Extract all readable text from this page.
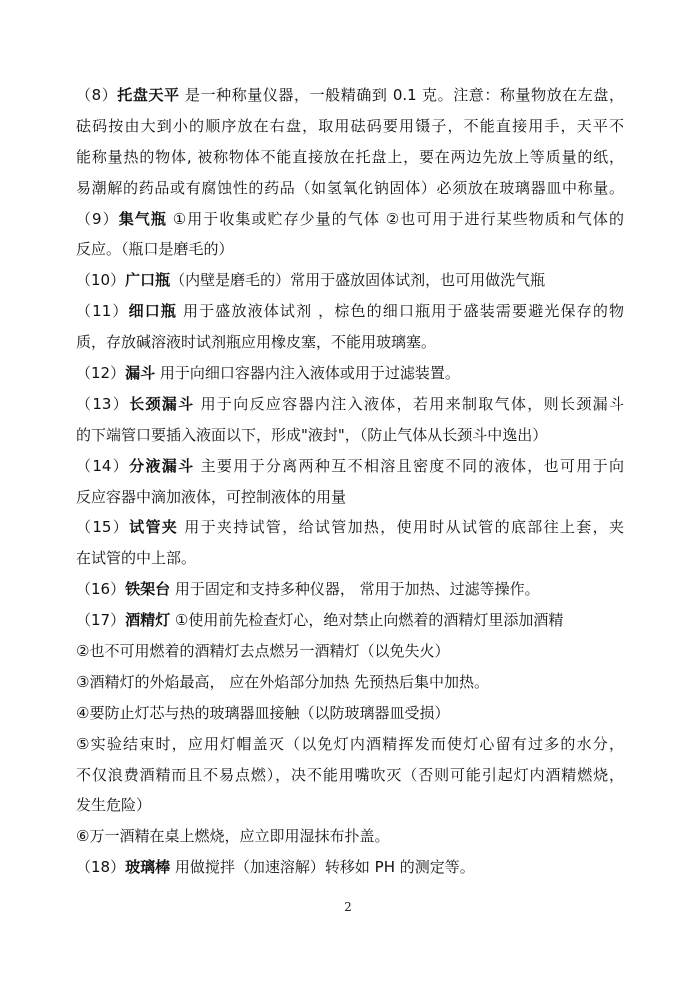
（8）托盘天平 是一种称量仪器，一般精确到 0.1 克。注意：称量物放在左盘，
砝码按由大到小的顺序放在右盘，取用砝码要用镊子，不能直接用手，天平不
能称量热的物体, 被称物体不能直接放在托盘上，要在两边先放上等质量的纸，
易潮解的药品或有腐蚀性的药品（如氢氧化钠固体）必须放在玻璃器皿中称量。
（9）集气瓶 ①用于收集或贮存少量的气体 ②也可用于进行某些物质和气体的
反应。（瓶口是磨毛的）
（10）广口瓶（内壁是磨毛的）常用于盛放固体试剂，也可用做洗气瓶
（11）细口瓶 用于盛放液体试剂 ，棕色的细口瓶用于盛装需要避光保存的物
质，存放碱溶液时试剂瓶应用橡皮塞，不能用玻璃塞。
（12）漏斗 用于向细口容器内注入液体或用于过滤装置。
（13）长颈漏斗 用于向反应容器内注入液体，若用来制取气体，则长颈漏斗
的下端管口要插入液面以下，形成"液封"，（防止气体从长颈斗中逸出）
（14）分液漏斗 主要用于分离两种互不相溶且密度不同的液体，也可用于向
反应容器中滴加液体，可控制液体的用量
（15）试管夹 用于夹持试管，给试管加热，使用时从试管的底部往上套，夹
在试管的中上部。
（16）铁架台 用于固定和支持多种仪器， 常用于加热、过滤等操作。
（17）酒精灯 ①使用前先检查灯心，绝对禁止向燃着的酒精灯里添加酒精
②也不可用燃着的酒精灯去点燃另一酒精灯（以免失火）
③酒精灯的外焰最高， 应在外焰部分加热 先预热后集中加热。
④要防止灯芯与热的玻璃器皿接触（以防玻璃器皿受损）
⑤实验结束时，应用灯帽盖灭（以免灯内酒精挥发而使灯心留有过多的水分，
不仅浪费酒精而且不易点燃），决不能用嘴吹灭（否则可能引起灯内酒精燃烧，
发生危险）
⑥万一酒精在桌上燃烧，应立即用湿抹布扑盖。
（18）玻璃棒 用做搅拌（加速溶解）转移如 PH 的测定等。
2
